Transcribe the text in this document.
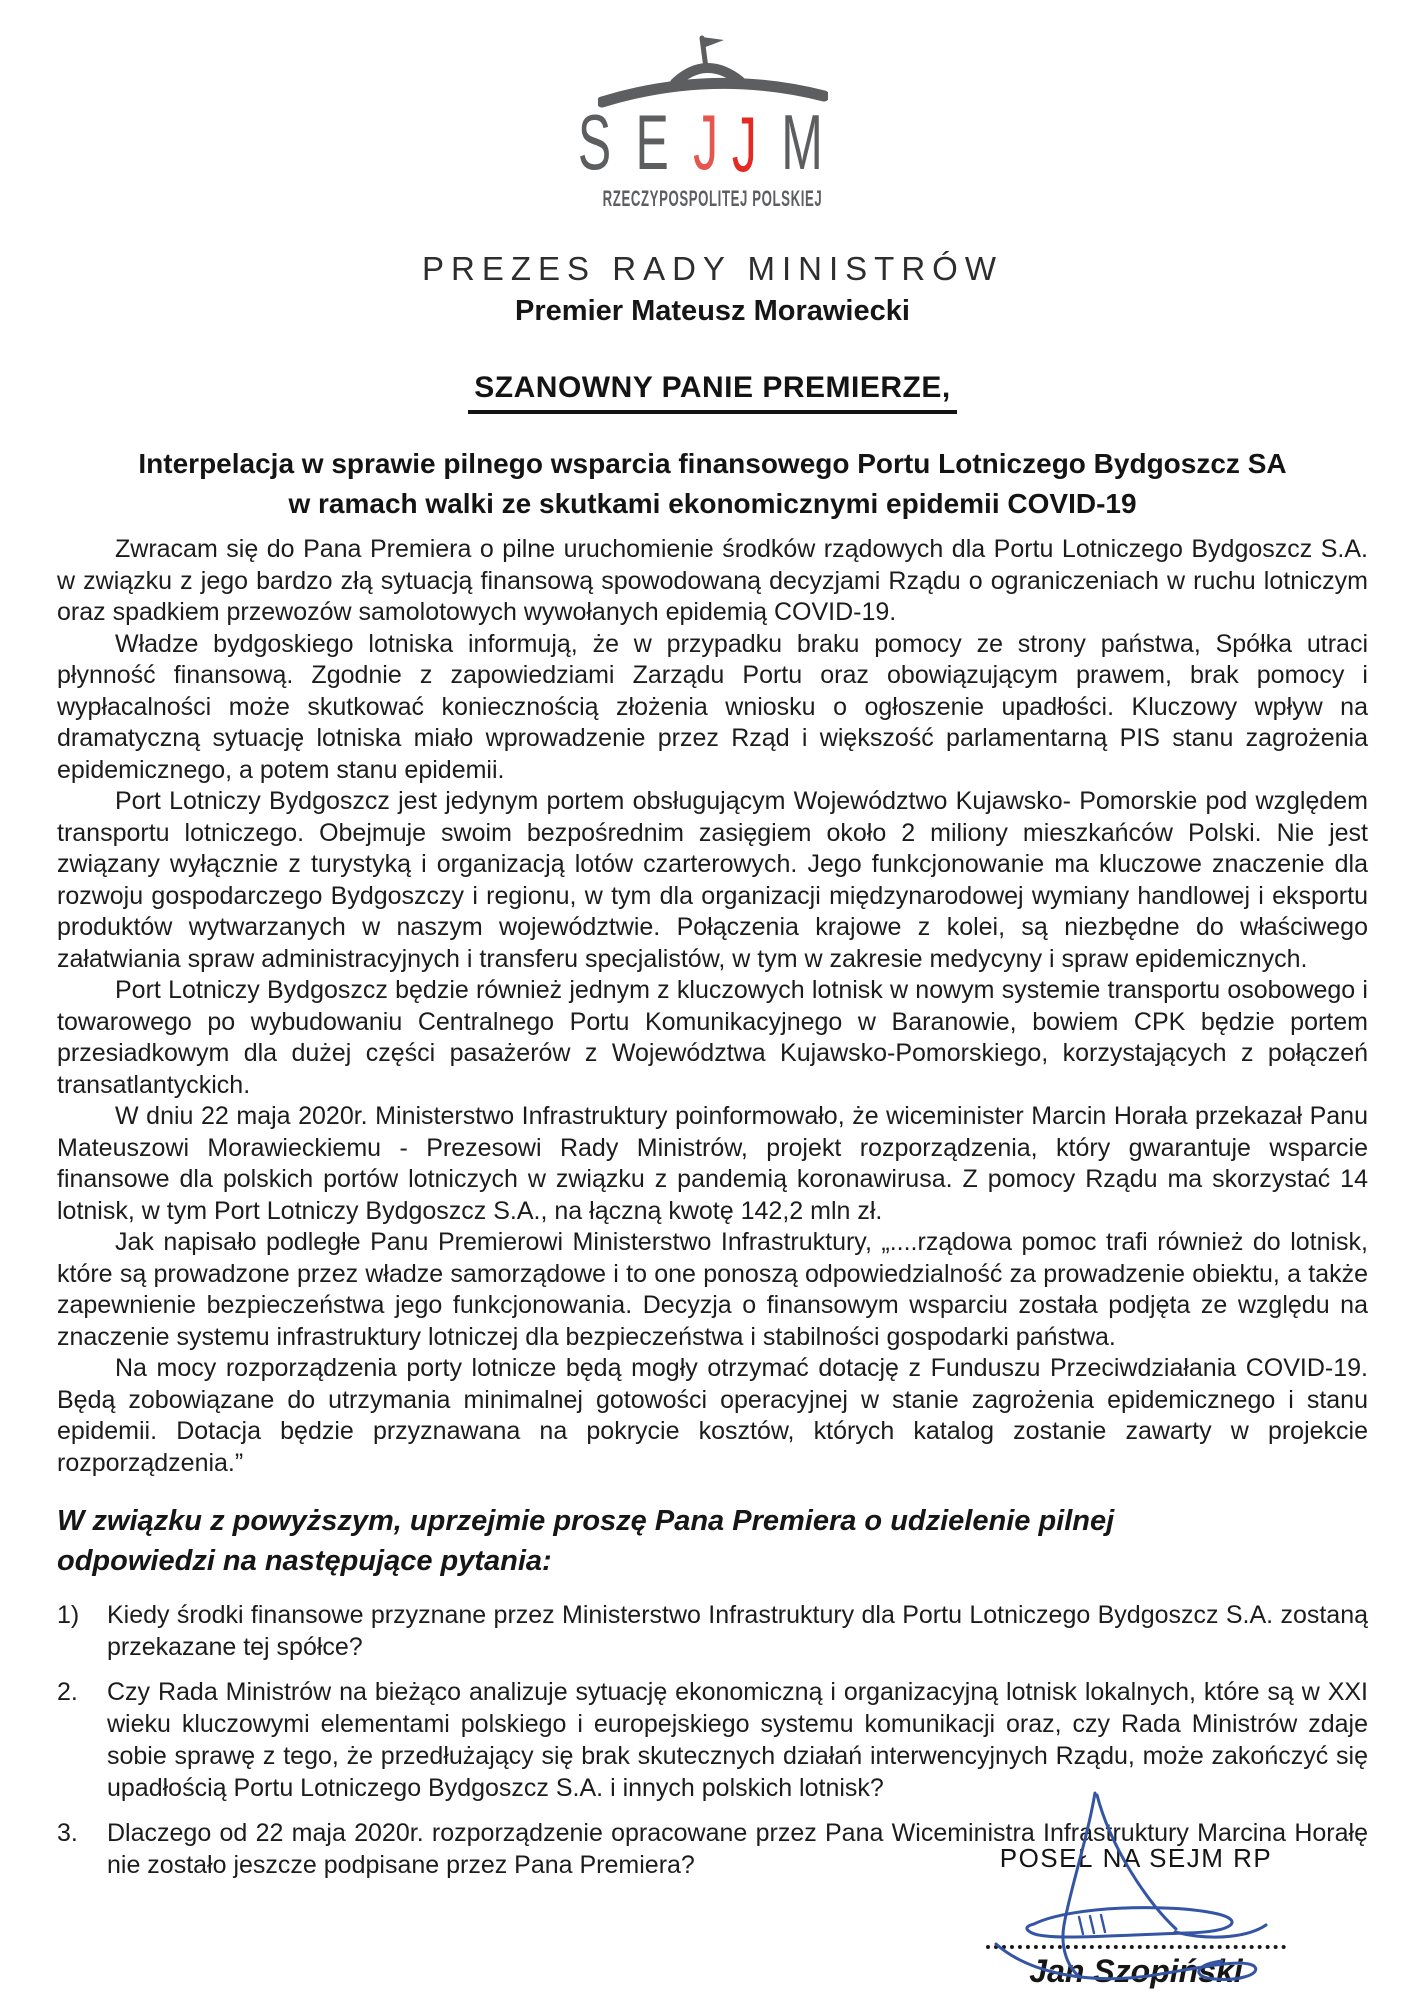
SEJJM
RZECZYPOSPOLITEJ POLSKIEJ
PREZES RADY MINISTRÓW
Premier Mateusz Morawiecki
SZANOWNY PANIE PREMIERZE,
Interpelacja w sprawie pilnego wsparcia finansowego Portu Lotniczego Bydgoszcz SA
w ramach walki ze skutkami ekonomicznymi epidemii COVID-19

Zwracam się do Pana Premiera o pilne uruchomienie środków rządowych dla Portu Lotniczego Bydgoszcz S.A. w związku z jego bardzo złą sytuacją finansową spowodowaną decyzjami Rządu o ograniczeniach w ruchu lotniczym oraz spadkiem przewozów samolotowych wywołanych epidemią COVID-19.

Władze bydgoskiego lotniska informują, że w przypadku braku pomocy ze strony państwa, Spółka utraci płynność finansową. Zgodnie z zapowiedziami Zarządu Portu oraz obowiązującym prawem, brak pomocy i wypłacalności może skutkować koniecznością złożenia wniosku o ogłoszenie upadłości. Kluczowy wpływ na dramatyczną sytuację lotniska miało wprowadzenie przez Rząd i większość parlamentarną PIS stanu zagrożenia epidemicznego, a potem stanu epidemii.

Port Lotniczy Bydgoszcz jest jedynym portem obsługującym Województwo Kujawsko- Pomorskie pod względem transportu lotniczego. Obejmuje swoim bezpośrednim zasięgiem około 2 miliony mieszkańców Polski. Nie jest związany wyłącznie z turystyką i organizacją lotów czarterowych. Jego funkcjonowanie ma kluczowe znaczenie dla rozwoju gospodarczego Bydgoszczy i regionu, w tym dla organizacji międzynarodowej wymiany handlowej i eksportu produktów wytwarzanych w naszym województwie. Połączenia krajowe z kolei, są niezbędne do właściwego załatwiania spraw administracyjnych i transferu specjalistów, w tym w zakresie medycyny i spraw epidemicznych.

Port Lotniczy Bydgoszcz będzie również jednym z kluczowych lotnisk w nowym systemie transportu osobowego i towarowego po wybudowaniu Centralnego Portu Komunikacyjnego w Baranowie, bowiem CPK będzie portem przesiadkowym dla dużej części pasażerów z Województwa Kujawsko-Pomorskiego, korzystających z połączeń transatlantyckich.

W dniu 22 maja 2020r. Ministerstwo Infrastruktury poinformowało, że wiceminister Marcin Horała przekazał Panu Mateuszowi Morawieckiemu - Prezesowi Rady Ministrów, projekt rozporządzenia, który gwarantuje wsparcie finansowe dla polskich portów lotniczych w związku z pandemią koronawirusa. Z pomocy Rządu ma skorzystać 14 lotnisk, w tym Port Lotniczy Bydgoszcz S.A., na łączną kwotę 142,2 mln zł.

Jak napisało podległe Panu Premierowi Ministerstwo Infrastruktury, „....rządowa pomoc trafi również do lotnisk, które są prowadzone przez władze samorządowe i to one ponoszą odpowiedzialność za prowadzenie obiektu, a także zapewnienie bezpieczeństwa jego funkcjonowania. Decyzja o finansowym wsparciu została podjęta ze względu na znaczenie systemu infrastruktury lotniczej dla bezpieczeństwa i stabilności gospodarki państwa.

Na mocy rozporządzenia porty lotnicze będą mogły otrzymać dotację z Funduszu Przeciwdziałania COVID-19. Będą zobowiązane do utrzymania minimalnej gotowości operacyjnej w stanie zagrożenia epidemicznego i stanu epidemii. Dotacja będzie przyznawana na pokrycie kosztów, których katalog zostanie zawarty w projekcie rozporządzenia.”

W związku z powyższym, uprzejmie proszę Pana Premiera o udzielenie pilnej
odpowiedzi na następujące pytania:
1)	Kiedy środki finansowe przyznane przez Ministerstwo Infrastruktury dla Portu Lotniczego Bydgoszcz S.A. zostaną przekazane tej spółce?
2.	Czy Rada Ministrów na bieżąco analizuje sytuację ekonomiczną i organizacyjną lotnisk lokalnych, które są w XXI wieku kluczowymi elementami polskiego i europejskiego systemu komunikacji oraz, czy Rada Ministrów zdaje sobie sprawę z tego, że przedłużający się brak skutecznych działań interwencyjnych Rządu, może zakończyć się upadłością Portu Lotniczego Bydgoszcz S.A. i innych polskich lotnisk?
3.	Dlaczego od 22 maja 2020r. rozporządzenie opracowane przez Pana Wiceministra Infrastruktury Marcina Horałę nie zostało jeszcze podpisane przez Pana Premiera?	POSEŁ NA SEJM RP
Jan Szopiński
